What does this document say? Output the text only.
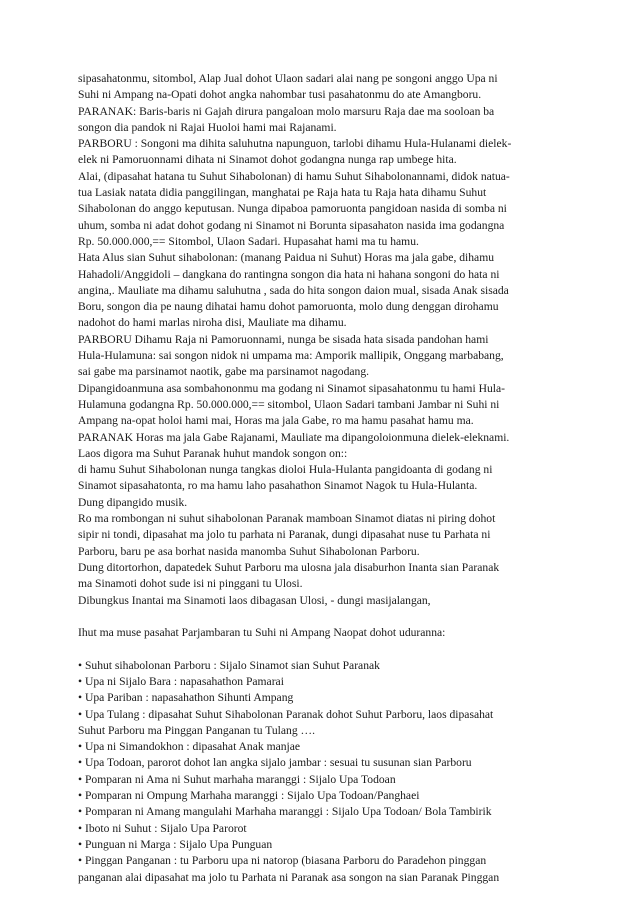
sipasahatonmu, sitombol, Alap Jual dohot Ulaon sadari alai nang pe songoni anggo Upa ni
Suhi ni Ampang na-Opati dohot angka nahombar tusi pasahatonmu do ate Amangboru.
PARANAK: Baris-baris ni Gajah dirura pangaloan molo marsuru Raja dae ma sooloan ba
songon dia pandok ni Rajai Huoloi hami mai Rajanami.
PARBORU : Songoni ma dihita saluhutna napunguon, tarlobi dihamu Hula-Hulanami dielek-
elek ni Pamoruonnami dihata ni Sinamot dohot godangna nunga rap umbege hita.
Alai, (dipasahat hatana tu Suhut Sihabolonan) di hamu Suhut Sihabolonannami, didok natua-
tua Lasiak natata didia panggilingan, manghatai pe Raja hata tu Raja hata dihamu Suhut
Sihabolonan do anggo keputusan. Nunga dipaboa pamoruonta pangidoan nasida di somba ni
uhum, somba ni adat dohot godang ni Sinamot ni Borunta sipasahaton nasida ima godangna
Rp. 50.000.000,== Sitombol, Ulaon Sadari. Hupasahat hami ma tu hamu.
Hata Alus sian Suhut sihabolonan: (manang Paidua ni Suhut) Horas ma jala gabe, dihamu
Hahadoli/Anggidoli – dangkana do rantingna songon dia hata ni hahana songoni do hata ni
angina,. Mauliate ma dihamu saluhutna , sada do hita songon daion mual, sisada Anak sisada
Boru, songon dia pe naung dihatai hamu dohot pamoruonta, molo dung denggan dirohamu
nadohot do hami marlas niroha disi, Mauliate ma dihamu.
PARBORU Dihamu Raja ni Pamoruonnami, nunga be sisada hata sisada pandohan hami
Hula-Hulamuna: sai songon nidok ni umpama ma: Amporik mallipik, Onggang marbabang,
sai gabe ma parsinamot naotik, gabe ma parsinamot nagodang.
Dipangidoanmuna asa sombahononmu ma godang ni Sinamot sipasahatonmu tu hami Hula-
Hulamuna godangna Rp. 50.000.000,== sitombol, Ulaon Sadari tambani Jambar ni Suhi ni
Ampang na-opat holoi hami mai, Horas ma jala Gabe, ro ma hamu pasahat hamu ma.
PARANAK Horas ma jala Gabe Rajanami, Mauliate ma dipangoloionmuna dielek-eleknami.
Laos digora ma Suhut Paranak huhut mandok songon on::
di hamu Suhut Sihabolonan nunga tangkas dioloi Hula-Hulanta pangidoanta di godang ni
Sinamot sipasahatonta, ro ma hamu laho pasahathon Sinamot Nagok tu Hula-Hulanta.
Dung dipangido musik.
Ro ma rombongan ni suhut sihabolonan Paranak mamboan Sinamot diatas ni piring dohot
sipir ni tondi, dipasahat ma jolo tu parhata ni Paranak, dungi dipasahat nuse tu Parhata ni
Parboru, baru pe asa borhat nasida manomba Suhut Sihabolonan Parboru.
Dung ditortorhon, dapatedek Suhut Parboru ma ulosna jala disaburhon Inanta sian Paranak
ma Sinamoti dohot sude isi ni pinggani tu Ulosi.
Dibungkus Inantai ma Sinamoti laos dibagasan Ulosi, - dungi masijalangan,
Ihut ma muse pasahat Parjambaran tu Suhi ni Ampang Naopat dohot uduranna:
• Suhut sihabolonan Parboru : Sijalo Sinamot sian Suhut Paranak
• Upa ni Sijalo Bara : napasahathon Pamarai
• Upa Pariban : napasahathon Sihunti Ampang
• Upa Tulang : dipasahat Suhut Sihabolonan Paranak dohot Suhut Parboru, laos dipasahat
Suhut Parboru ma Pinggan Panganan tu Tulang ….
• Upa ni Simandokhon : dipasahat Anak manjae
• Upa Todoan, parorot dohot lan angka sijalo jambar : sesuai tu susunan sian Parboru
• Pomparan ni Ama ni Suhut marhaha maranggi : Sijalo Upa Todoan
• Pomparan ni Ompung Marhaha maranggi : Sijalo Upa Todoan/Panghaei
• Pomparan ni Amang mangulahi Marhaha maranggi : Sijalo Upa Todoan/ Bola Tambirik
• Iboto ni Suhut : Sijalo Upa Parorot
• Punguan ni Marga : Sijalo Upa Punguan
• Pinggan Panganan : tu Parboru upa ni natorop (biasana Parboru do Paradehon pinggan
panganan alai dipasahat ma jolo tu Parhata ni Paranak asa songon na sian Paranak Pinggan
